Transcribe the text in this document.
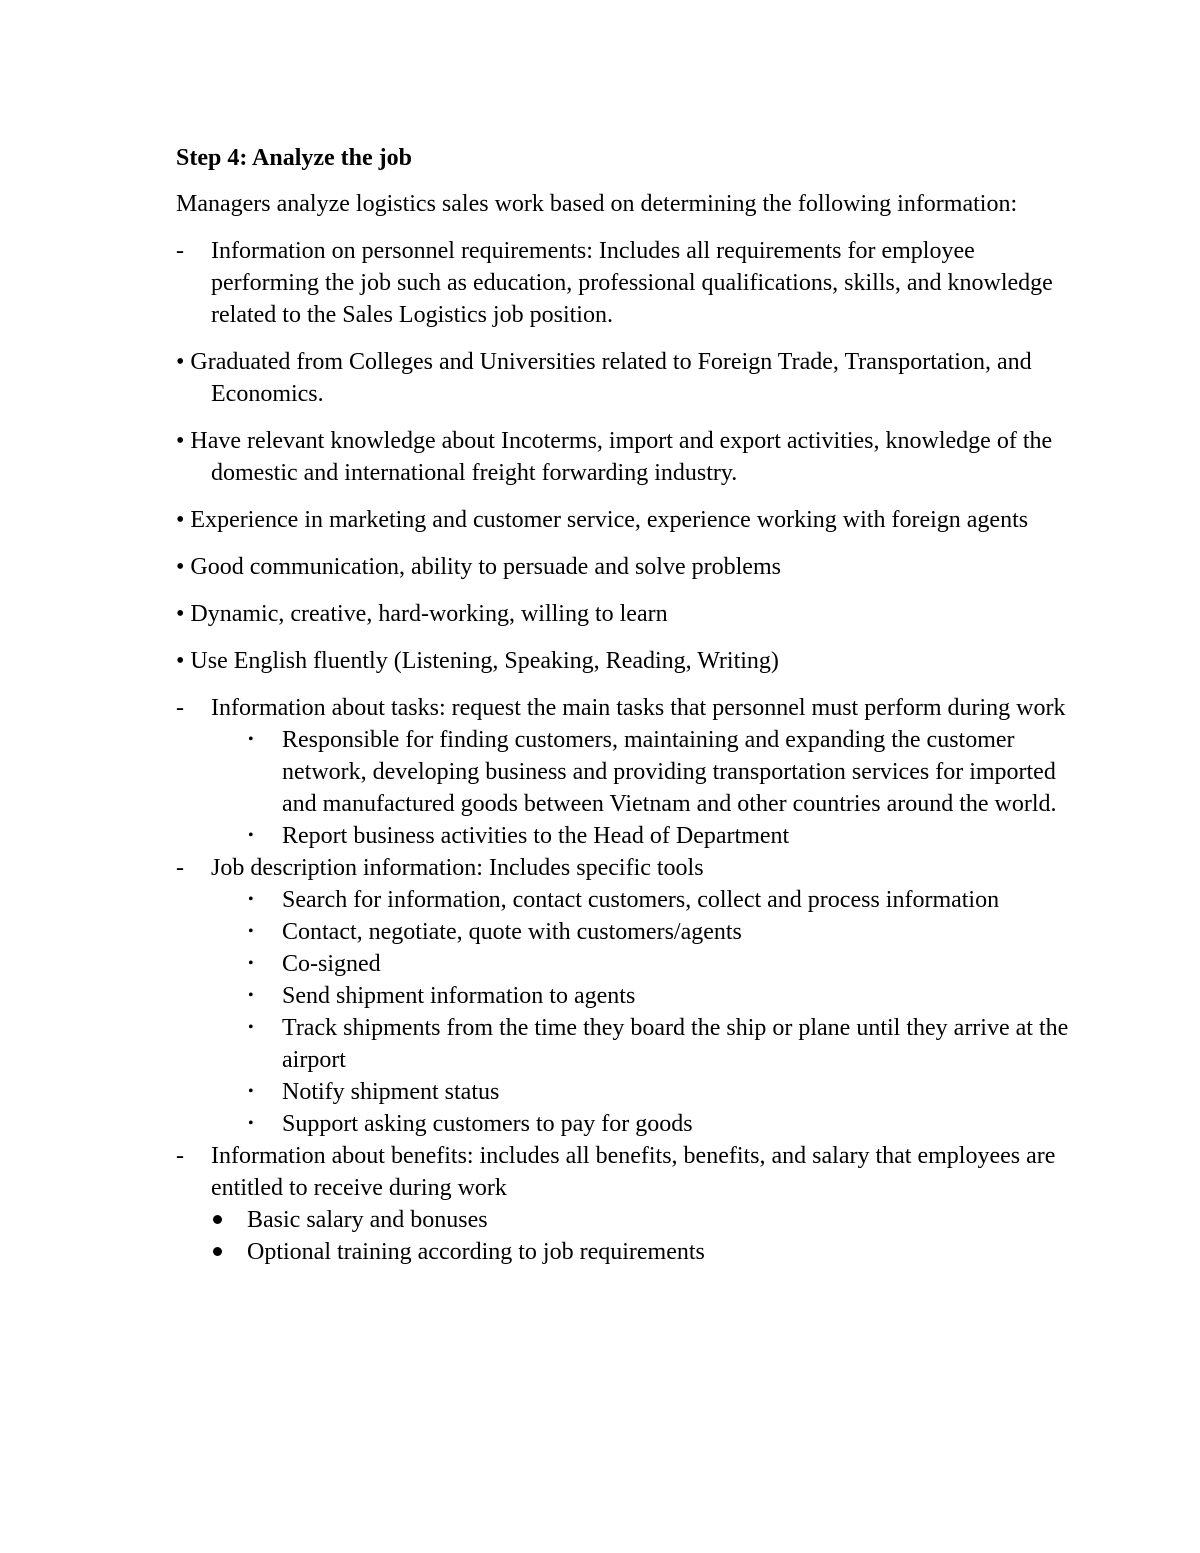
Step 4: Analyze the job
Managers analyze logistics sales work based on determining the following information:
- Information on personnel requirements: Includes all requirements for employee performing the job such as education, professional qualifications, skills, and knowledge related to the Sales Logistics job position.
• Graduated from Colleges and Universities related to Foreign Trade, Transportation, and Economics.
• Have relevant knowledge about Incoterms, import and export activities, knowledge of the domestic and international freight forwarding industry.
• Experience in marketing and customer service, experience working with foreign agents
• Good communication, ability to persuade and solve problems
• Dynamic, creative, hard-working, willing to learn
• Use English fluently (Listening, Speaking, Reading, Writing)
- Information about tasks: request the main tasks that personnel must perform during work
• Responsible for finding customers, maintaining and expanding the customer network, developing business and providing transportation services for imported and manufactured goods between Vietnam and other countries around the world.
• Report business activities to the Head of Department
- Job description information: Includes specific tools
• Search for information, contact customers, collect and process information
• Contact, negotiate, quote with customers/agents
• Co-signed
• Send shipment information to agents
• Track shipments from the time they board the ship or plane until they arrive at the airport
• Notify shipment status
• Support asking customers to pay for goods
- Information about benefits: includes all benefits, benefits, and salary that employees are entitled to receive during work
Basic salary and bonuses
Optional training according to job requirements
